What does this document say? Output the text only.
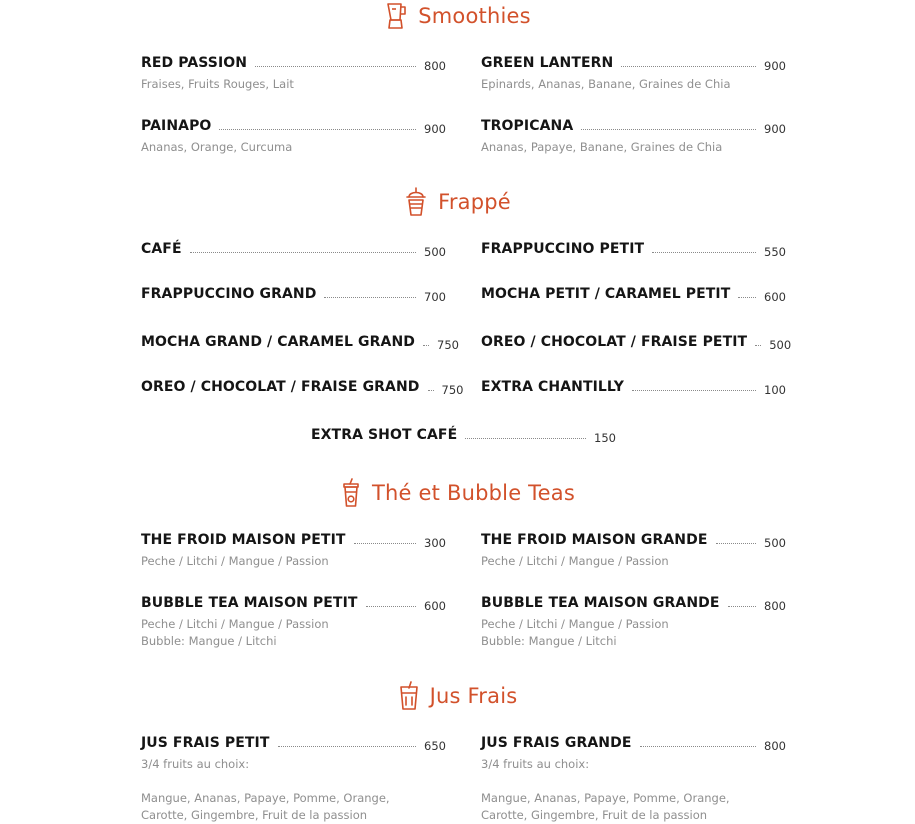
Smoothies
RED PASSION	800
Fraises, Fruits Rouges, Lait
GREEN LANTERN	900
Epinards, Ananas, Banane, Graines de Chia
PAINAPO	900
Ananas, Orange, Curcuma
TROPICANA	900
Ananas, Papaye, Banane, Graines de Chia
Frappé
CAFÉ	500	FRAPPUCCINO PETIT	550
FRAPPUCCINO GRAND	700	MOCHA PETIT / CARAMEL PETIT	600
MOCHA GRAND / CARAMEL GRAND 750 OREO / CHOCOLAT / FRAISE PETIT 500
OREO / CHOCOLAT / FRAISE GRAND 750 EXTRA CHANTILLY	100
EXTRA SHOT CAFÉ	150
Thé et Bubble Teas
THE FROID MAISON PETIT	300
Peche / Litchi / Mangue / Passion
THE FROID MAISON GRANDE	500
Peche / Litchi / Mangue / Passion
BUBBLE TEA MAISON PETIT	600
Peche / Litchi / Mangue / Passion
Bubble: Mangue / Litchi
BUBBLE TEA MAISON GRANDE	800
Peche / Litchi / Mangue / Passion
Bubble: Mangue / Litchi
Jus Frais
JUS FRAIS PETIT	650
3/4 fruits au choix:
Mangue, Ananas, Papaye, Pomme, Orange,
Carotte, Gingembre, Fruit de la passion
JUS FRAIS GRANDE	800
3/4 fruits au choix:
Mangue, Ananas, Papaye, Pomme, Orange,
Carotte, Gingembre, Fruit de la passion
